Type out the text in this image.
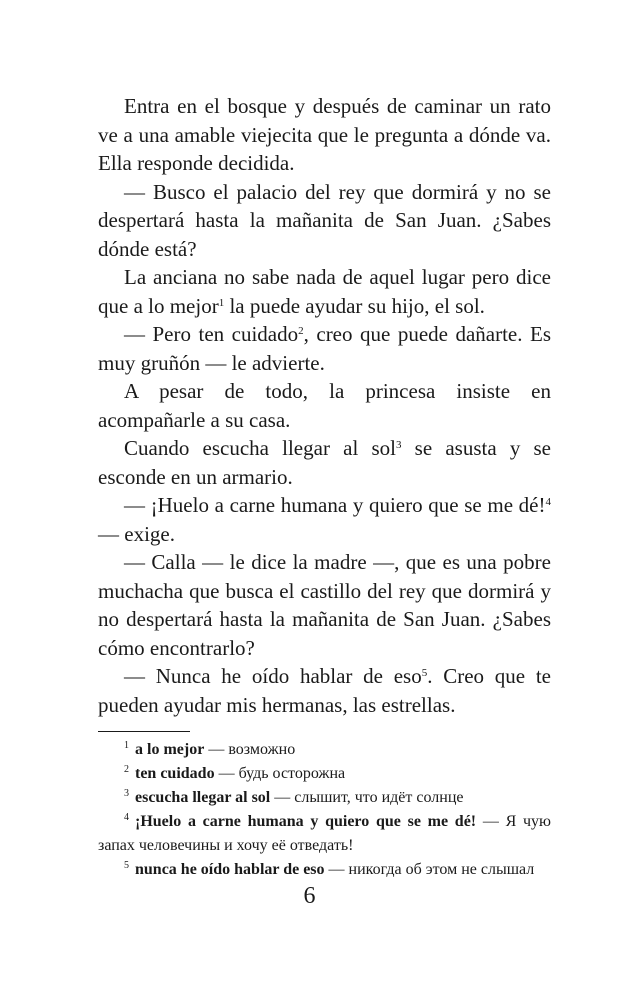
Entra en el bosque y después de caminar un rato ve a una amable viejecita que le pregunta a dónde va. Ella responde decidida.

— Busco el palacio del rey que dormirá y no se despertará hasta la mañanita de San Juan. ¿Sabes dónde está?

La anciana no sabe nada de aquel lugar pero dice que a lo mejor$^1$ la puede ayudar su hijo, el sol.

— Pero ten cuidado$^2$, creo que puede dañarte. Es muy gruñón — le advierte.

A pesar de todo, la princesa insiste en acompañarle a su casa.

Cuando escucha llegar al sol$^3$ se asusta y se esconde en un armario.

— ¡Huelo a carne humana y quiero que se me dé!$^4$ — exige.

— Calla — le dice la madre —, que es una pobre muchacha que busca el castillo del rey que dormirá y no despertará hasta la mañanita de San Juan. ¿Sabes cómo encontrarlo?

— Nunca he oído hablar de eso$^5$. Creo que te pueden ayudar mis hermanas, las estrellas.

$^1$ a lo mejor — возможно

$^2$ ten cuidado — будь осторожна

$^3$ escucha llegar al sol — слышит, что идёт солнце

$^4$ ¡Huelo a carne humana y quiero que se me dé! — Я чую запах человечины и хочу её отведать!

$^5$ nunca he oído hablar de eso — никогда об этом не слышал

6
